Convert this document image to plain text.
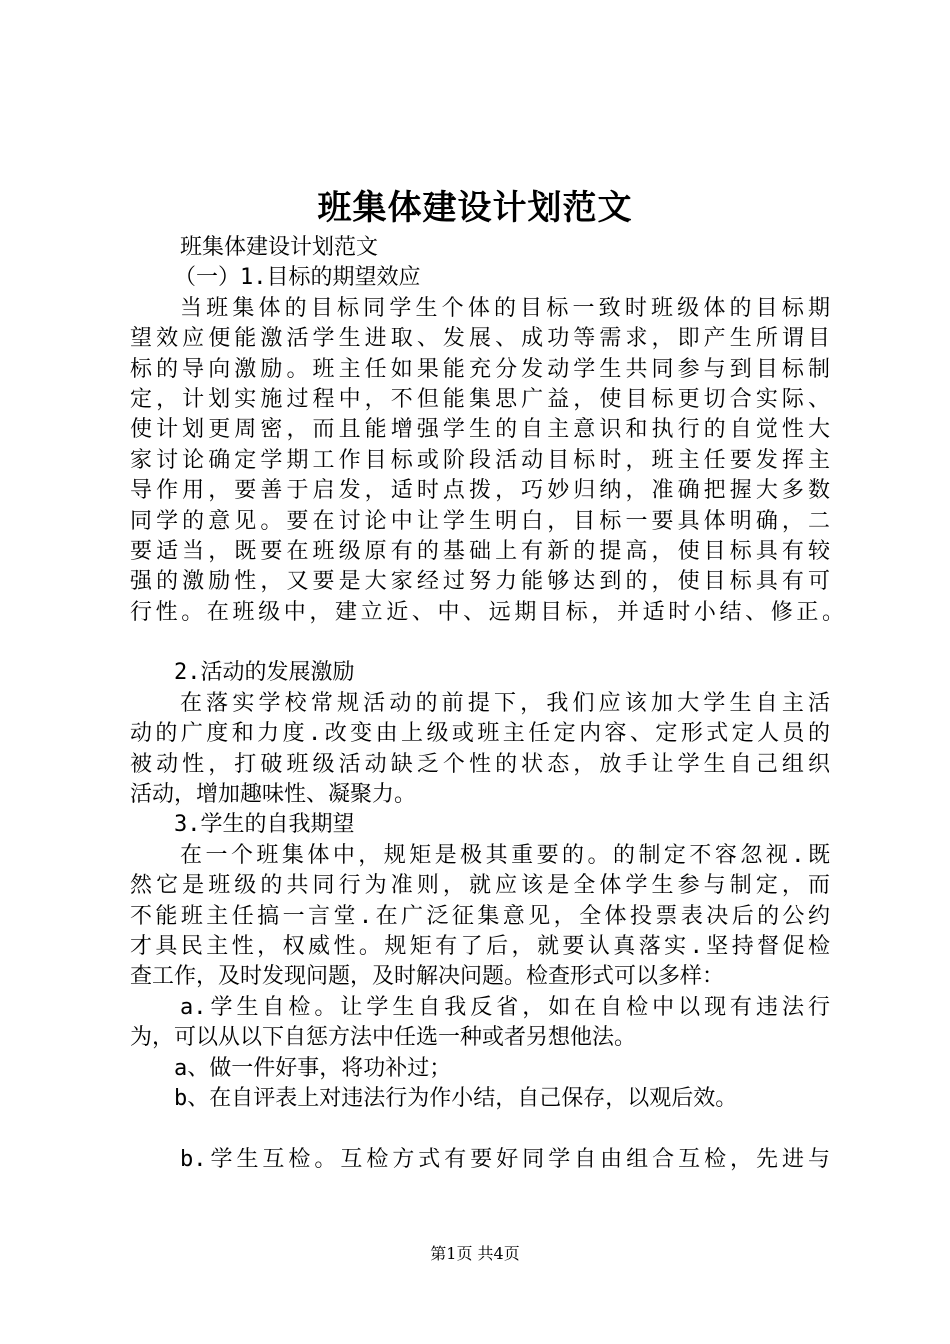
班集体建设计划范文
班集体建设计划范文
（一）1.目标的期望效应
当班集体的目标同学生个体的目标一致时班级体的目标期
望效应便能激活学生进取、发展、成功等需求，即产生所谓目
标的导向激励。班主任如果能充分发动学生共同参与到目标制
定，计划实施过程中，不但能集思广益，使目标更切合实际、
使计划更周密，而且能增强学生的自主意识和执行的自觉性大
家讨论确定学期工作目标或阶段活动目标时，班主任要发挥主
导作用，要善于启发，适时点拨，巧妙归纳，准确把握大多数
同学的意见。要在讨论中让学生明白，目标一要具体明确，二
要适当，既要在班级原有的基础上有新的提高，使目标具有较
强的激励性，又要是大家经过努力能够达到的，使目标具有可
行性。在班级中，建立近、中、远期目标，并适时小结、修正。
2.活动的发展激励
在落实学校常规活动的前提下，我们应该加大学生自主活
动的广度和力度.改变由上级或班主任定内容、定形式定人员的
被动性，打破班级活动缺乏个性的状态，放手让学生自己组织
活动，增加趣味性、凝聚力。
3.学生的自我期望
在一个班集体中，规矩是极其重要的。的制定不容忽视.既
然它是班级的共同行为准则，就应该是全体学生参与制定，而
不能班主任搞一言堂.在广泛征集意见，全体投票表决后的公约
才具民主性，权威性。规矩有了后，就要认真落实.坚持督促检
查工作，及时发现问题，及时解决问题。检查形式可以多样：
a.学生自检。让学生自我反省，如在自检中以现有违法行
为，可以从以下自惩方法中任选一种或者另想他法。
a、做一件好事，将功补过；
b、在自评表上对违法行为作小结，自己保存，以观后效。
b.学生互检。互检方式有要好同学自由组合互检，先进与
第1页 共4页
